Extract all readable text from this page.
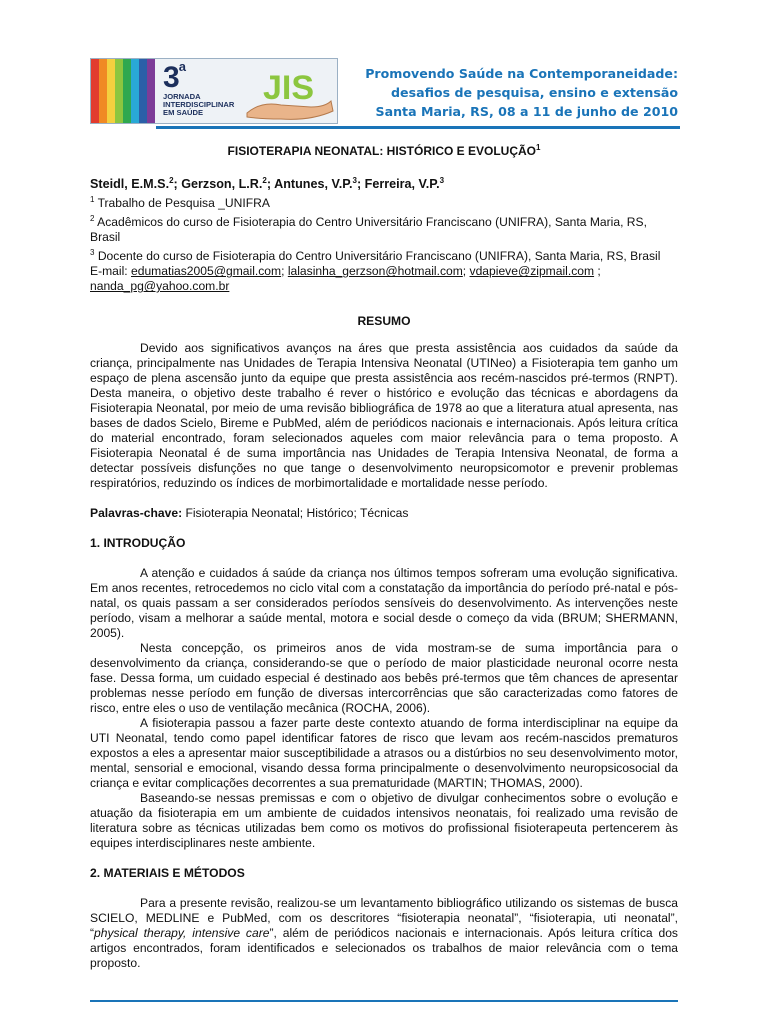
3$^a$
JORNADA
INTERDISCIPLINAR
EM SAÚDE
JIS	Promovendo Saúde na Contemporaneidade:
desafios de pesquisa, ensino e extensão
Santa Maria, RS, 08 a 11 de junho de 2010

FISIOTERAPIA NEONATAL: HISTÓRICO E EVOLUÇÃO$^1$

Steidl, E.M.S.$^2$; Gerzson, L.R.$^2$; Antunes, V.P.$^3$; Ferreira, V.P.$^3$

$^1$ Trabalho de Pesquisa _UNIFRA

$^2$ Acadêmicos do curso de Fisioterapia do Centro Universitário Franciscano (UNIFRA), Santa Maria, RS, Brasil

$^3$ Docente do curso de Fisioterapia do Centro Universitário Franciscano (UNIFRA), Santa Maria, RS, Brasil

E-mail: edumatias2005@gmail.com; lalasinha_gerzson@hotmail.com; vdapieve@zipmail.com ; nanda_pg@yahoo.com.br

RESUMO

Devido aos significativos avanços na áres que presta assistência aos cuidados da saúde da criança, principalmente nas Unidades de Terapia Intensiva Neonatal (UTINeo) a Fisioterapia tem ganho um espaço de plena ascensão junto da equipe que presta assistência aos recém-nascidos pré-termos (RNPT). Desta maneira, o objetivo deste trabalho é rever o histórico e evolução das técnicas e abordagens da Fisioterapia Neonatal, por meio de uma revisão bibliográfica de 1978 ao que a literatura atual apresenta, nas bases de dados Scielo, Bireme e PubMed, além de periódicos nacionais e internacionais. Após leitura crítica do material encontrado, foram selecionados aqueles com maior relevância para o tema proposto. A Fisioterapia Neonatal é de suma importância nas Unidades de Terapia Intensiva Neonatal, de forma a detectar possíveis disfunções no que tange o desenvolvimento neuropsicomotor e prevenir problemas respiratórios, reduzindo os índices de morbimortalidade e mortalidade nesse período.

Palavras-chave: Fisioterapia Neonatal; Histórico; Técnicas

1. INTRODUÇÃO

A atenção e cuidados á saúde da criança nos últimos tempos sofreram uma evolução significativa. Em anos recentes, retrocedemos no ciclo vital com a constatação da importância do período pré-natal e pós-natal, os quais passam a ser considerados períodos sensíveis do desenvolvimento. As intervenções neste período, visam a melhorar a saúde mental, motora e social desde o começo da vida (BRUM; SHERMANN, 2005).

Nesta concepção, os primeiros anos de vida mostram-se de suma importância para o desenvolvimento da criança, considerando-se que o período de maior plasticidade neuronal ocorre nesta fase. Dessa forma, um cuidado especial é destinado aos bebês pré-termos que têm chances de apresentar problemas nesse período em função de diversas intercorrências que são caracterizadas como fatores de risco, entre eles o uso de ventilação mecânica (ROCHA, 2006).

A fisioterapia passou a fazer parte deste contexto atuando de forma interdisciplinar na equipe da UTI Neonatal, tendo como papel identificar fatores de risco que levam aos recém-nascidos prematuros expostos a eles a apresentar maior susceptibilidade a atrasos ou a distúrbios no seu desenvolvimento motor, mental, sensorial e emocional, visando dessa forma principalmente o desenvolvimento neuropsicosocial da criança e evitar complicações decorrentes a sua prematuridade (MARTIN; THOMAS, 2000).

Baseando-se nessas premissas e com o objetivo de divulgar conhecimentos sobre o evolução e atuação da fisioterapia em um ambiente de cuidados intensivos neonatais, foi realizado uma revisão de literatura sobre as técnicas utilizadas bem como os motivos do profissional fisioterapeuta pertencerem às equipes interdisciplinares neste ambiente.

2. MATERIAIS E MÉTODOS

Para a presente revisão, realizou-se um levantamento bibliográfico utilizando os sistemas de busca SCIELO, MEDLINE e PubMed, com os descritores “fisioterapia neonatal”, “fisioterapia, uti neonatal”, “physical therapy, intensive care”, além de periódicos nacionais e internacionais. Após leitura crítica dos artigos encontrados, foram identificados e selecionados os trabalhos de maior relevância com o tema proposto.
